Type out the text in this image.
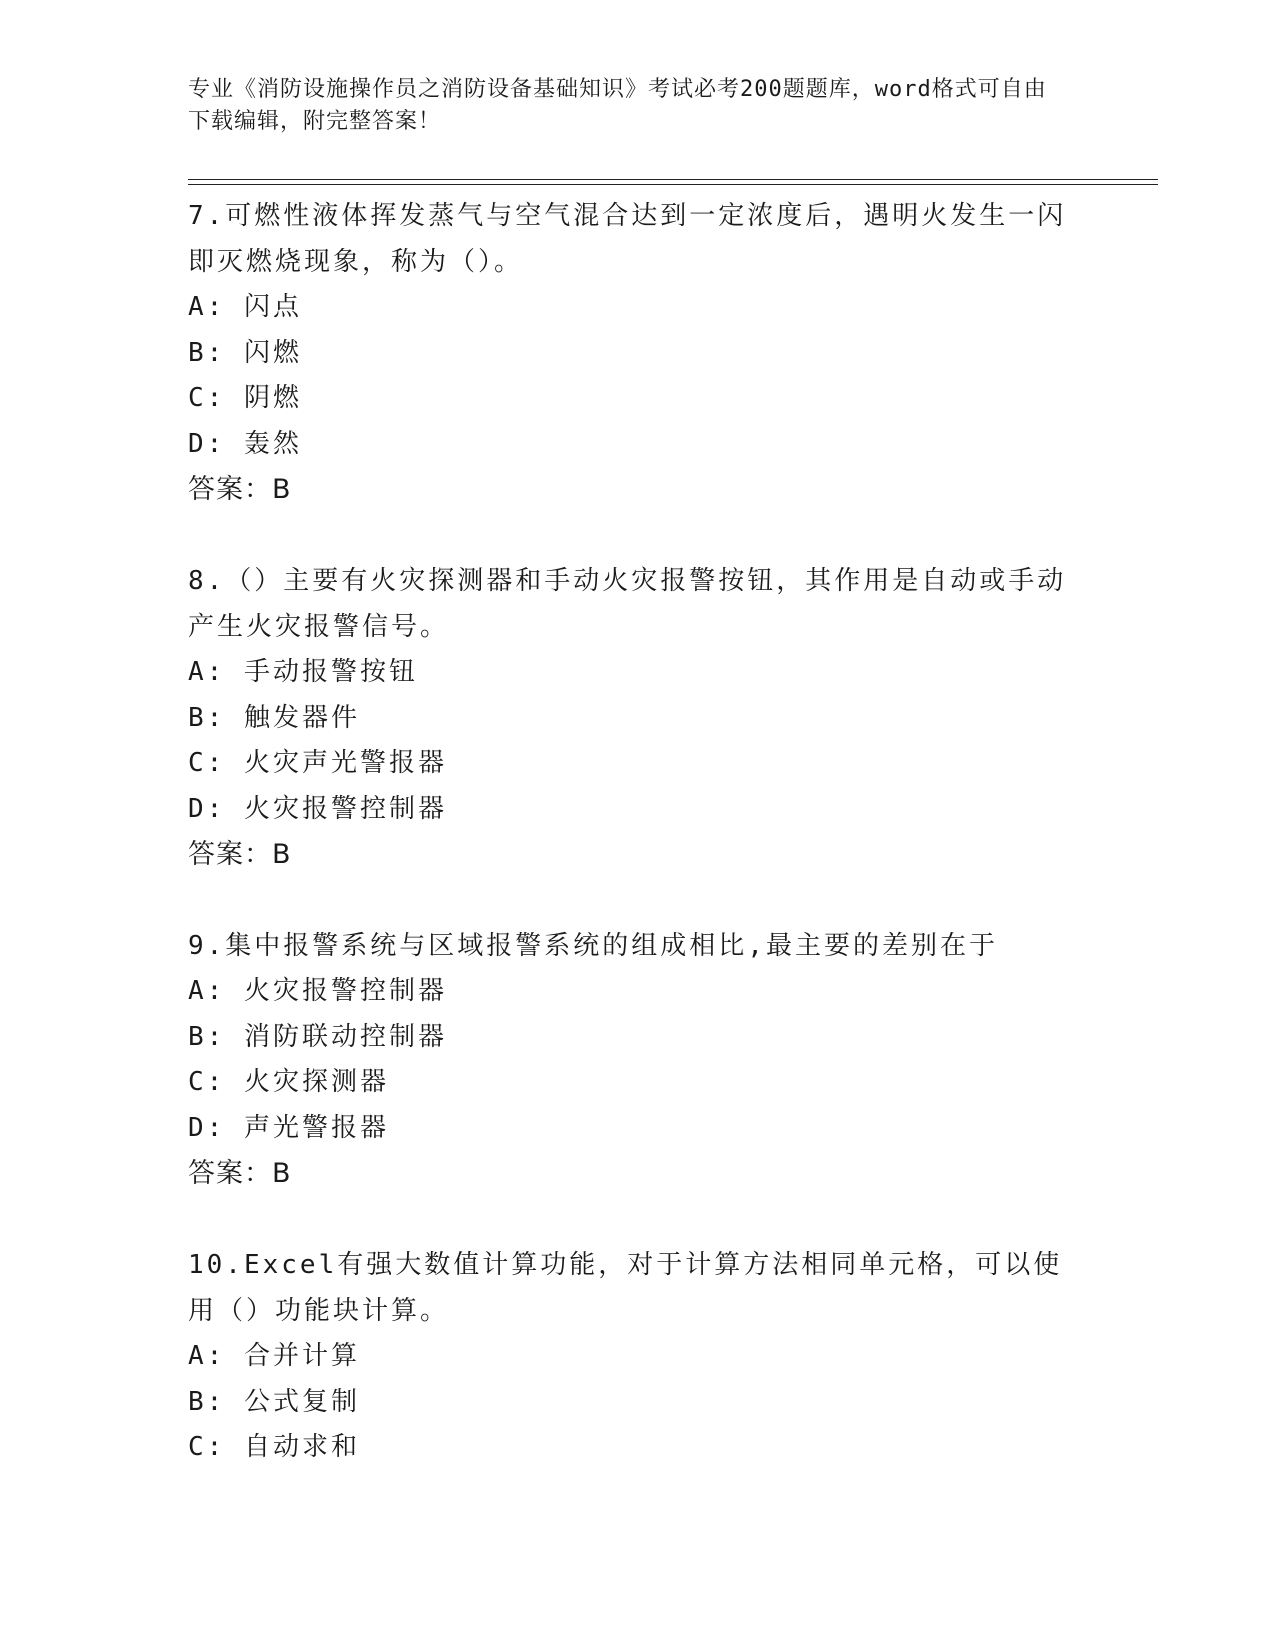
专业《消防设施操作员之消防设备基础知识》考试必考200题题库，word格式可自由下载编辑，附完整答案！
7.可燃性液体挥发蒸气与空气混合达到一定浓度后，遇明火发生一闪即灭燃烧现象，称为（）。
A: 闪点
B: 闪燃
C: 阴燃
D: 轰然
答案：B
8.（）主要有火灾探测器和手动火灾报警按钮，其作用是自动或手动产生火灾报警信号。
A: 手动报警按钮
B: 触发器件
C: 火灾声光警报器
D: 火灾报警控制器
答案：B
9.集中报警系统与区域报警系统的组成相比,最主要的差别在于
A: 火灾报警控制器
B: 消防联动控制器
C: 火灾探测器
D: 声光警报器
答案：B
10.Excel有强大数值计算功能，对于计算方法相同单元格，可以使用（）功能块计算。
A: 合并计算
B: 公式复制
C: 自动求和
